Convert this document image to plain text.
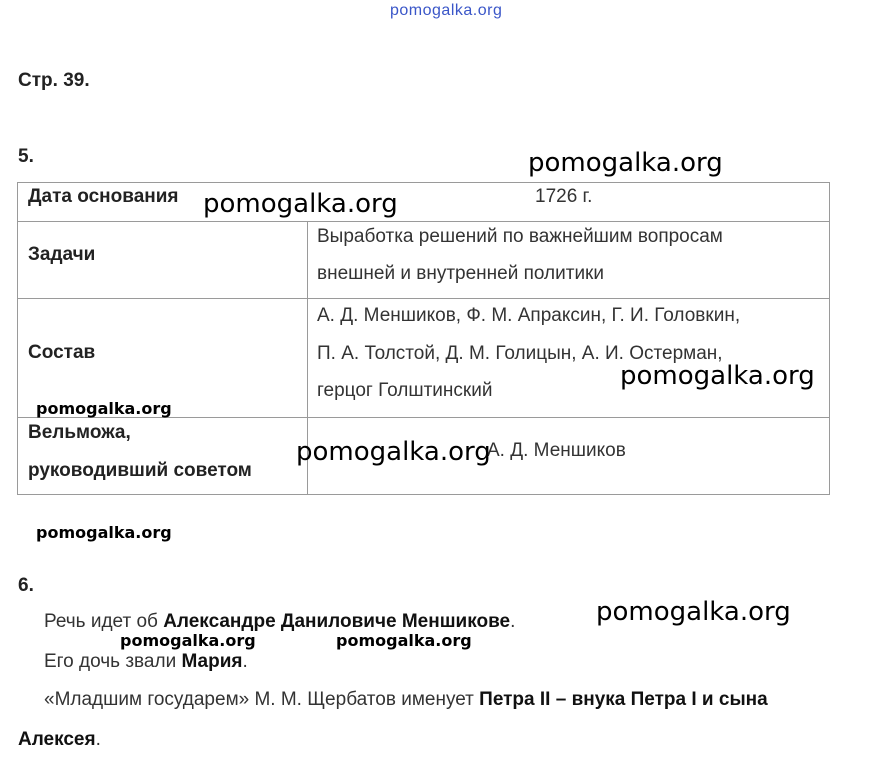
pomogalka.org
Стр. 39.
5.
Дата основания	1726 г.
Задачи
Выработка решений по важнейшим вопросам
внешней и внутренней политики
Состав
А. Д. Меншиков, Ф. М. Апраксин, Г. И. Головкин,
П. А. Толстой, Д. М. Голицын, А. И. Остерман,
герцог Голштинский
Вельможа,
руководивший советом
А. Д. Меншиков
6.
Речь идет об Александре Даниловиче Меншикове.
Его дочь звали Мария.
«Младшим государем» М. М. Щербатов именует Петра II – внука Петра I и сына
Алексея.
pomogalka.org
pomogalka.org
pomogalka.org
pomogalka.org
pomogalka.org
pomogalka.org
pomogalka.org
pomogalka.org	pomogalka.org
